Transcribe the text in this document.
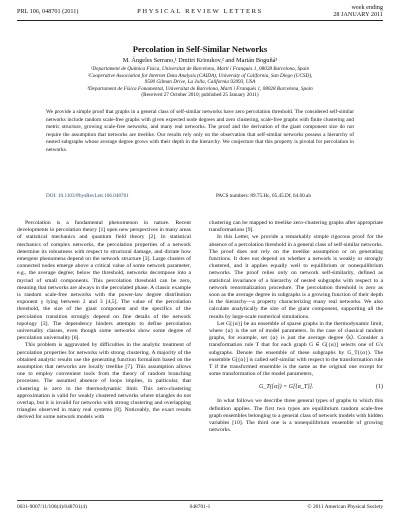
PRL 106, 048701 (2011)	PHYSICAL REVIEW LETTERS
week ending
28 JANUARY 2011
Percolation in Self-Similar Networks
M. Ángeles Serrano,¹ Dmitri Krioukov,² and Marián Boguñá³
¹Departament de Química Física, Universitat de Barcelona, Martí i Franquès 1, 08028 Barcelona, Spain
²Cooperative Association for Internet Data Analysis (CAIDA), University of California, San Diego (UCSD),
9500 Gilman Drive, La Jolla, California 92093, USA
³Departament de Física Fonamental, Universitat de Barcelona, Martí i Franquès 1, 08028 Barcelona, Spain
(Received 27 October 2010; published 25 January 2011)
We provide a simple proof that graphs in a general class of self-similar networks have zero percolation threshold. The considered self-similar networks include random scale-free graphs with given expected node degrees and zero clustering, scale-free graphs with finite clustering and metric structure, growing scale-free networks, and many real networks. The proof and the derivation of the giant component size do not require the assumption that networks are treelike. Our results rely only on the observation that self-similar networks possess a hierarchy of nested subgraphs whose average degree grows with their depth in the hierarchy. We conjecture that this property is pivotal for percolation in networks.
DOI: 10.1103/PhysRevLett.106.048701	PACS numbers: 89.75.Hc, 05.45.Df, 64.60.ah

Percolation is a fundamental phenomenon in nature. Recent developments in percolation theory [1] open new perspectives in many areas of statistical mechanics and quantum field theory [2]. In statistical mechanics of complex networks, the percolation properties of a network determine its robustness with respect to structural damage, and dictate how emergent phenomena depend on the network structure [3]. Large clusters of connected nodes emerge above a critical value of some network parameter, e.g., the average degree; below the threshold, networks decompose into a myriad of small components. This percolation threshold can be zero, meaning that networks are always in the percolated phase. A classic example is random scale-free networks with the power-law degree distribution exponent γ lying between 2 and 3 [4,5]. The value of the percolation threshold, the size of the giant component and the specifics of the percolation transition strongly depend on fine details of the network topology [3]. The dependency hinders attempts to define percolation universality classes, even though some networks show some degree of percolation universality [6].

This problem is aggravated by difficulties in the analytic treatment of percolation properties for networks with strong clustering. A majority of the obtained analytic results use the generating function formalism based on the assumption that networks are locally treelike [7]. This assumption allows one to employ convenient tools from the theory of random branching processes. The assumed absence of loops implies, in particular, that clustering is zero in the thermodynamic limit. This zero-clustering approximation is valid for weakly clustered networks where triangles do not overlap, but it is invalid for networks with strong clustering and overlapping triangles observed in many real systems [8]. Noticeably, the exact results derived for some network models with

clustering can be mapped to treelike zero-clustering graphs after appropriate transformations [9].

In this Letter, we provide a remarkably simple rigorous proof for the absence of a percolation threshold in a general class of self-similar networks. The proof does not rely on the treelike assumption or on generating functions. It does not depend on whether a network is weakly or strongly clustered, and it applies equally well to equilibrium or nonequilibrium networks. The proof relies only on network self-similarity, defined as statistical invariance of a hierarchy of nested subgraphs with respect to a network renormalization procedure. The percolation threshold is zero as soon as the average degree in subgraphs is a growing function of their depth in the hierarchy—a property characterizing many real networks. We also calculate analytically the size of the giant component, supporting all the results by large-scale numerical simulations.

Let G[{α}] be an ensemble of sparse graphs in the thermodynamic limit, where {α} is the set of model parameters. In the case of classical random graphs, for example, set {α} is just the average degree ⟨k⟩. Consider a transformation rule T that for each graph G ∈ G[{α}] selects one of G's subgraphs. Denote the ensemble of these subgraphs by G_T({α}). The ensemble G[{α}] is called self-similar with respect to the transformation rule T if the transformed ensemble is the same as the original one except for some transformation of the model parameters,

G_T({α}) = G[{α_T}].	(1)

In what follows we describe three general types of graphs to which this definition applies. The first two types are equilibrium random scale-free graph ensembles belonging to a general class of network models with hidden variables [10]. The third one is a nonequilibrium ensemble of growing networks.

0031-9007/11/106(4)/048701(4)	048701-1	© 2011 American Physical Society
